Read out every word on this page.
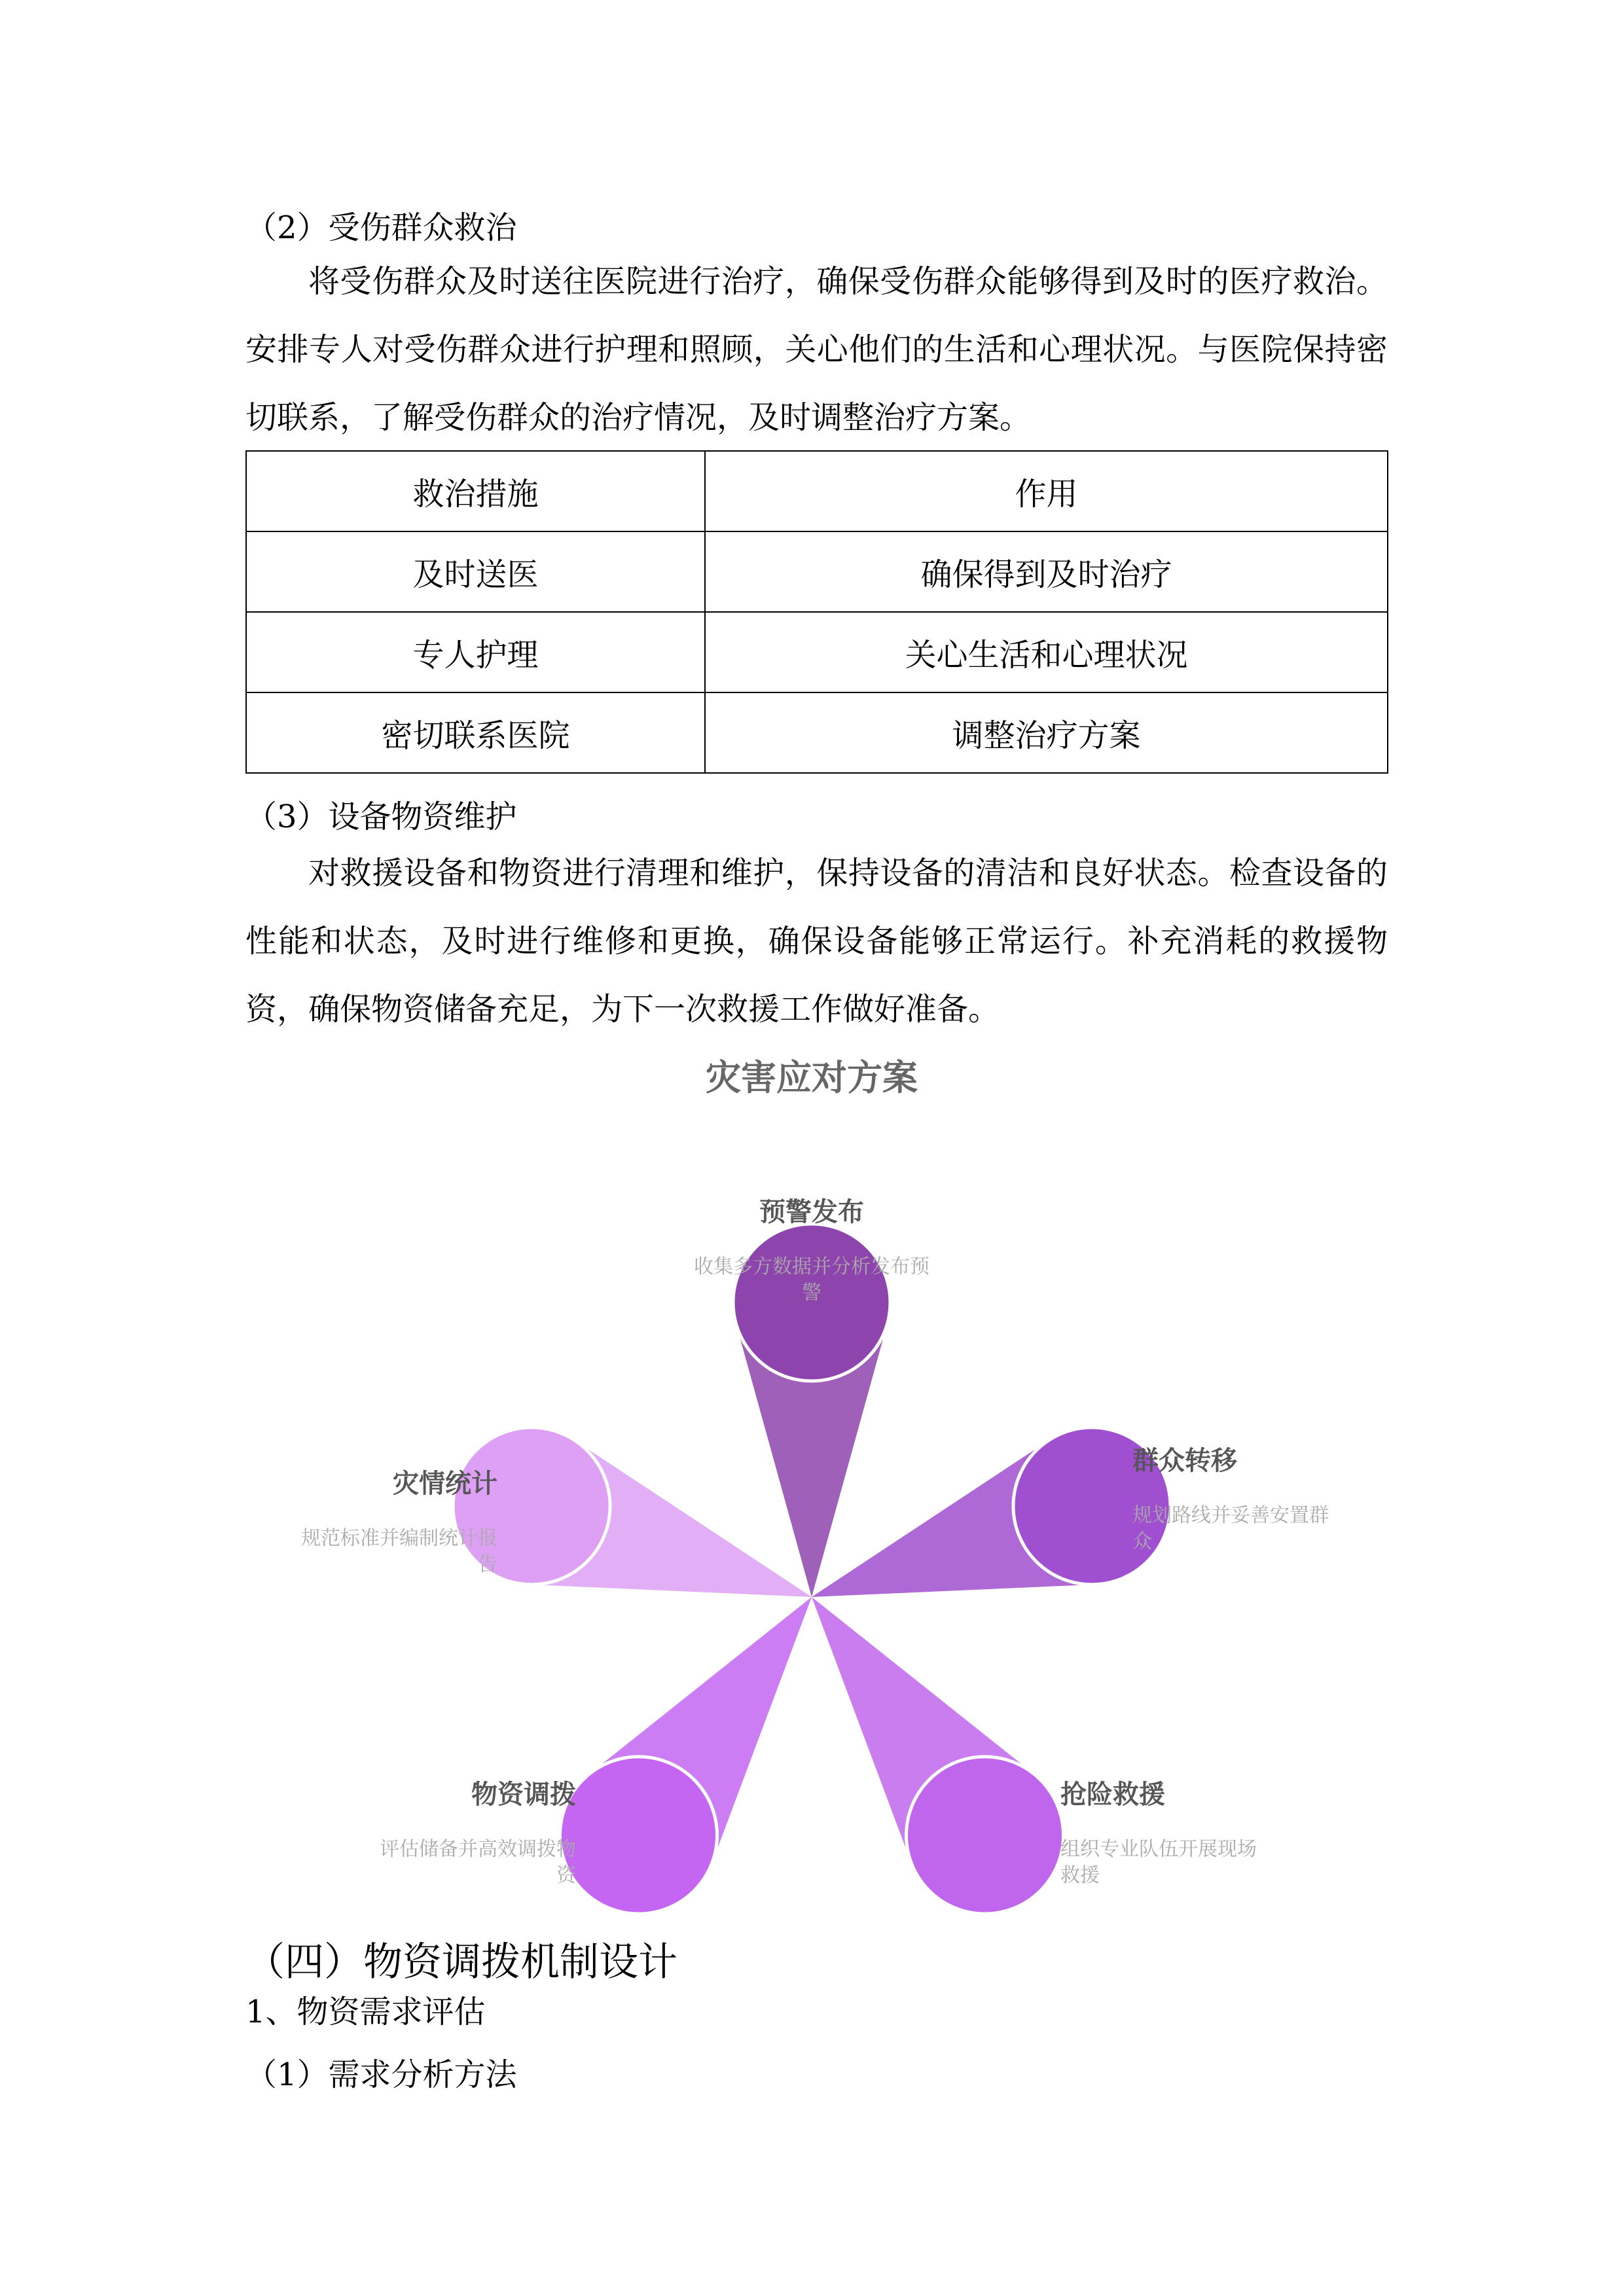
（2）受伤群众救治

将受伤群众及时送往医院进行治疗，确保受伤群众能够得到及时的医疗救治。安排专人对受伤群众进行护理和照顾，关心他们的生活和心理状况。与医院保持密切联系，了解受伤群众的治疗情况，及时调整治疗方案。

救治措施	作用
及时送医	确保得到及时治疗
专人护理	关心生活和心理状况
密切联系医院	调整治疗方案
（3）设备物资维护

对救援设备和物资进行清理和维护，保持设备的清洁和良好状态。检查设备的性能和状态，及时进行维修和更换，确保设备能够正常运行。补充消耗的救援物资，确保物资储备充足，为下一次救援工作做好准备。

灾害应对方案
预警发布
收集多方数据并分析发布预
警
群众转移
规划路线并妥善安置群
众
抢险救援
组织专业队伍开展现场
救援
物资调拨
评估储备并高效调拨物
资
灾情统计
规范标准并编制统计报
告
（四）物资调拨机制设计
1、物资需求评估
（1）需求分析方法
